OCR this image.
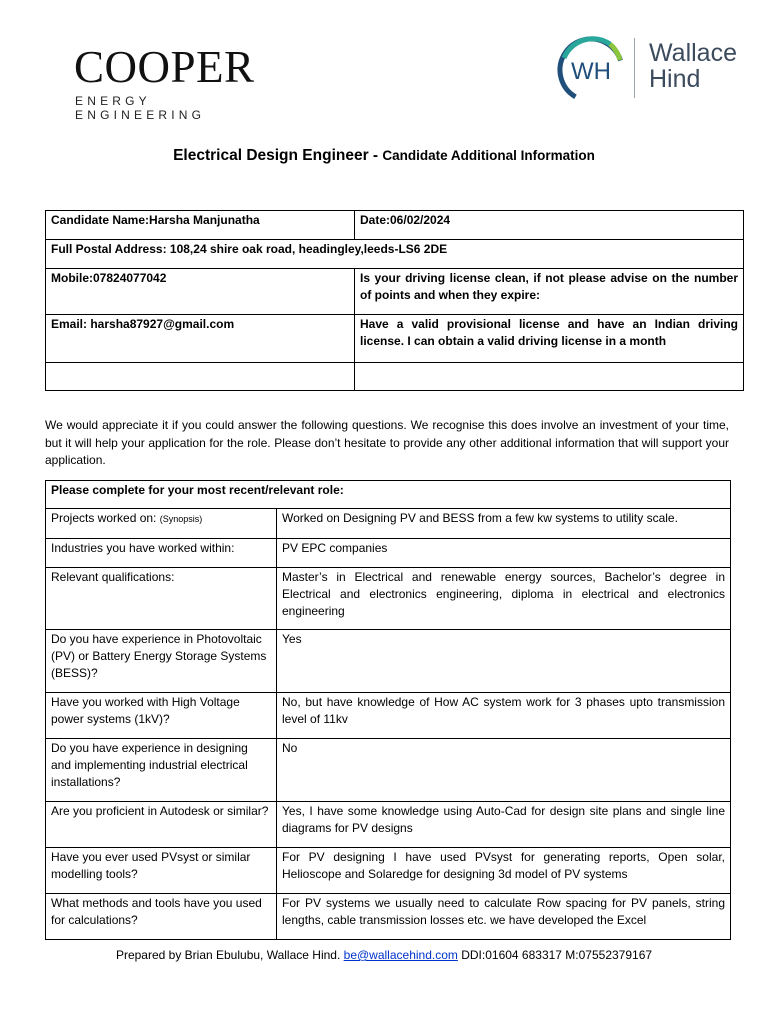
COOPER
ENERGY ENGINEERING
WH
Wallace
Hind
Electrical Design Engineer - Candidate Additional Information
Candidate Name:Harsha Manjunatha	Date:06/02/2024
Full Postal Address: 108,24 shire oak road, headingley,leeds-LS6 2DE	
Mobile:07824077042	Is your driving license clean, if not please advise on the number of points and when they expire:
Email: harsha87927@gmail.com	Have a valid provisional license and have an Indian driving license. I can obtain a valid driving license in a month

We would appreciate it if you could answer the following questions. We recognise this does involve an investment of your time, but it will help your application for the role. Please don’t hesitate to provide any other additional information that will support your application.
Please complete for your most recent/relevant role:	
Projects worked on: (Synopsis)	Worked on Designing PV and BESS from a few kw systems to utility scale.
Industries you have worked within:	PV EPC companies
Relevant qualifications:	Master’s in Electrical and renewable energy sources, Bachelor’s degree in Electrical and electronics engineering, diploma in electrical and electronics engineering
Do you have experience in Photovoltaic (PV) or Battery Energy Storage Systems (BESS)?	Yes
Have you worked with High Voltage power systems (1kV)?	No, but have knowledge of How AC system work for 3 phases upto transmission level of 11kv
Do you have experience in designing and implementing industrial electrical installations?	No
Are you proficient in Autodesk or similar?	Yes, I have some knowledge using Auto-Cad for design site plans and single line diagrams for PV designs
Have you ever used PVsyst or similar modelling tools?	For PV designing I have used PVsyst for generating reports, Open solar, Helioscope and Solaredge for designing 3d model of PV systems
What methods and tools have you used for calculations?	For PV systems we usually need to calculate Row spacing for PV panels, string lengths, cable transmission losses etc. we have developed the Excel
Prepared by Brian Ebulubu, Wallace Hind. be@wallacehind.com DDI:01604 683317 M:07552379167
